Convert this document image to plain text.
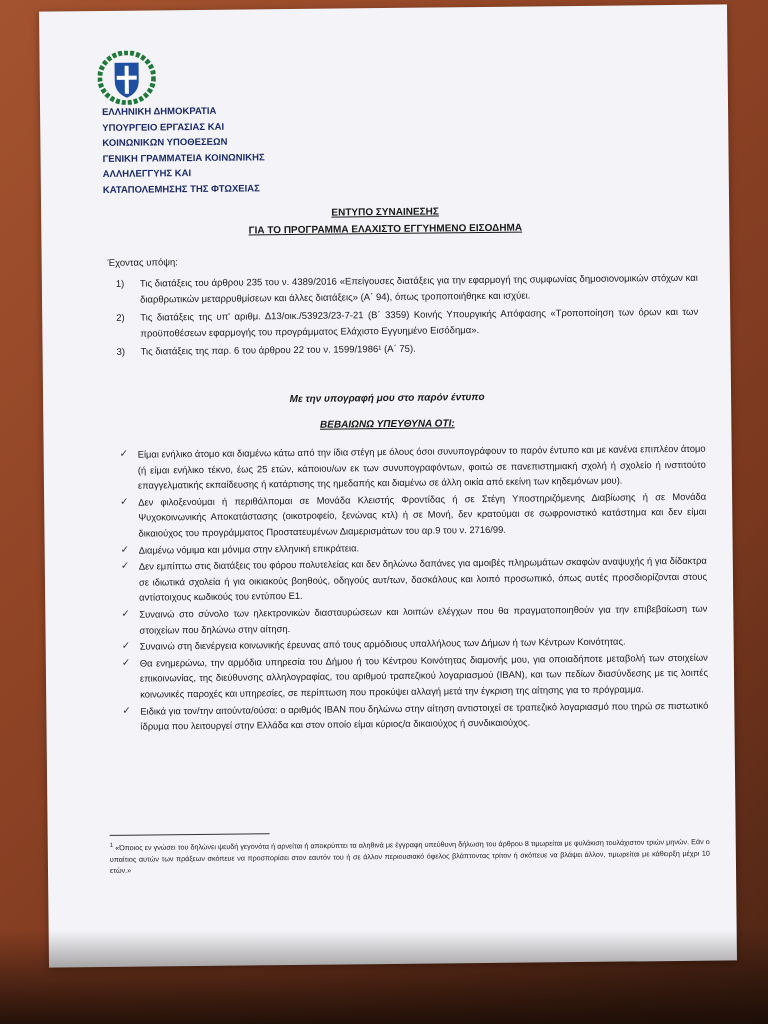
ΕΛΛΗΝΙΚΗ ΔΗΜΟΚΡΑΤΙΑ
ΥΠΟΥΡΓΕΙΟ ΕΡΓΑΣΙΑΣ ΚΑΙ
ΚΟΙΝΩΝΙΚΩΝ ΥΠΟΘΕΣΕΩΝ
ΓΕΝΙΚΗ ΓΡΑΜΜΑΤΕΙΑ ΚΟΙΝΩΝΙΚΗΣ
ΑΛΛΗΛΕΓΓΥΗΣ ΚΑΙ
ΚΑΤΑΠΟΛΕΜΗΣΗΣ ΤΗΣ ΦΤΩΧΕΙΑΣ
ΕΝΤΥΠΟ ΣΥΝΑΙΝΕΣΗΣ
ΓΙΑ ΤΟ ΠΡΟΓΡΑΜΜΑ ΕΛΑΧΙΣΤΟ ΕΓΓΥΗΜΕΝΟ ΕΙΣΟΔΗΜΑ
Έχοντας υπόψη:
1)	Τις διατάξεις του άρθρου 235 του ν. 4389/2016 «Επείγουσες διατάξεις για την εφαρμογή της συμφωνίας δημοσιονομικών στόχων και διαρθρωτικών μεταρρυθμίσεων και άλλες διατάξεις» (Α΄ 94), όπως τροποποιήθηκε και ισχύει.
2)	Τις διατάξεις της υπ' αριθμ. Δ13/οικ./53923/23-7-21 (Β΄ 3359) Κοινής Υπουργικής Απόφασης «Τροποποίηση των όρων και των προϋποθέσεων εφαρμογής του προγράμματος Ελάχιστο Εγγυημένο Εισόδημα».
3)	Τις διατάξεις της παρ. 6 του άρθρου 22 του ν. 1599/1986¹ (Α΄ 75).
Με την υπογραφή μου στο παρόν έντυπο
ΒΕΒΑΙΩΝΩ ΥΠΕΥΘΥΝΑ ΟΤΙ:
✓	Είμαι ενήλικο άτομο και διαμένω κάτω από την ίδια στέγη με όλους όσοι συνυπογράφουν το παρόν έντυπο και με κανένα επιπλέον άτομο (ή είμαι ενήλικο τέκνο, έως 25 ετών, κάποιου/ων εκ των συνυπογραφόντων, φοιτώ σε πανεπιστημιακή σχολή ή σχολείο ή ινστιτούτο επαγγελματικής εκπαίδευσης ή κατάρτισης της ημεδαπής και διαμένω σε άλλη οικία από εκείνη των κηδεμόνων μου).
✓	Δεν φιλοξενούμαι ή περιθάλπομαι σε Μονάδα Κλειστής Φροντίδας ή σε Στέγη Υποστηριζόμενης Διαβίωσης ή σε Μονάδα Ψυχοκοινωνικής Αποκατάστασης (οικοτροφείο, ξενώνας κτλ) ή σε Μονή, δεν κρατούμαι σε σωφρονιστικό κατάστημα και δεν είμαι δικαιούχος του προγράμματος Προστατευμένων Διαμερισμάτων του αρ.9 του ν. 2716/99.
✓	Διαμένω νόμιμα και μόνιμα στην ελληνική επικράτεια.
✓	Δεν εμπίπτω στις διατάξεις του φόρου πολυτελείας και δεν δηλώνω δαπάνες για αμοιβές πληρωμάτων σκαφών αναψυχής ή για δίδακτρα σε ιδιωτικά σχολεία ή για οικιακούς βοηθούς, οδηγούς αυτ/των, δασκάλους και λοιπό προσωπικό, όπως αυτές προσδιορίζονται στους αντίστοιχους κωδικούς του εντύπου Ε1.
✓	Συναινώ στο σύνολο των ηλεκτρονικών διασταυρώσεων και λοιπών ελέγχων που θα πραγματοποιηθούν για την επιβεβαίωση των στοιχείων που δηλώνω στην αίτηση.
✓	Συναινώ στη διενέργεια κοινωνικής έρευνας από τους αρμόδιους υπαλλήλους των Δήμων ή των Κέντρων Κοινότητας.
✓	Θα ενημερώνω, την αρμόδια υπηρεσία του Δήμου ή του Κέντρου Κοινότητας διαμονής μου, για οποιαδήποτε μεταβολή των στοιχείων επικοινωνίας, της διεύθυνσης αλληλογραφίας, του αριθμού τραπεζικού λογαριασμού (IBAN), και των πεδίων διασύνδεσης με τις λοιπές κοινωνικές παροχές και υπηρεσίες, σε περίπτωση που προκύψει αλλαγή μετά την έγκριση της αίτησης για το πρόγραμμα.
✓	Ειδικά για τον/την αιτούντα/ούσα: ο αριθμός IBAN που δηλώνω στην αίτηση αντιστοιχεί σε τραπεζικό λογαριασμό που τηρώ σε πιστωτικό ίδρυμα που λειτουργεί στην Ελλάδα και στον οποίο είμαι κύριος/α δικαιούχος ή συνδικαιούχος.
$^1$ «Όποιος εν γνώσει του δηλώνει ψευδή γεγονότα ή αρνείται ή αποκρύπτει τα αληθινά με έγγραφη υπεύθυνη δήλωση του άρθρου 8 τιμωρείται με φυλάκιση τουλάχιστον τριών μηνών. Εάν ο υπαίτιος αυτών των πράξεων σκόπευε να προσπορίσει στον εαυτόν του ή σε άλλον περιουσιακό όφελος βλάπτοντας τρίτον ή σκόπευε να βλάψει άλλον, τιμωρείται με κάθειρξη μέχρι 10 ετών.»
